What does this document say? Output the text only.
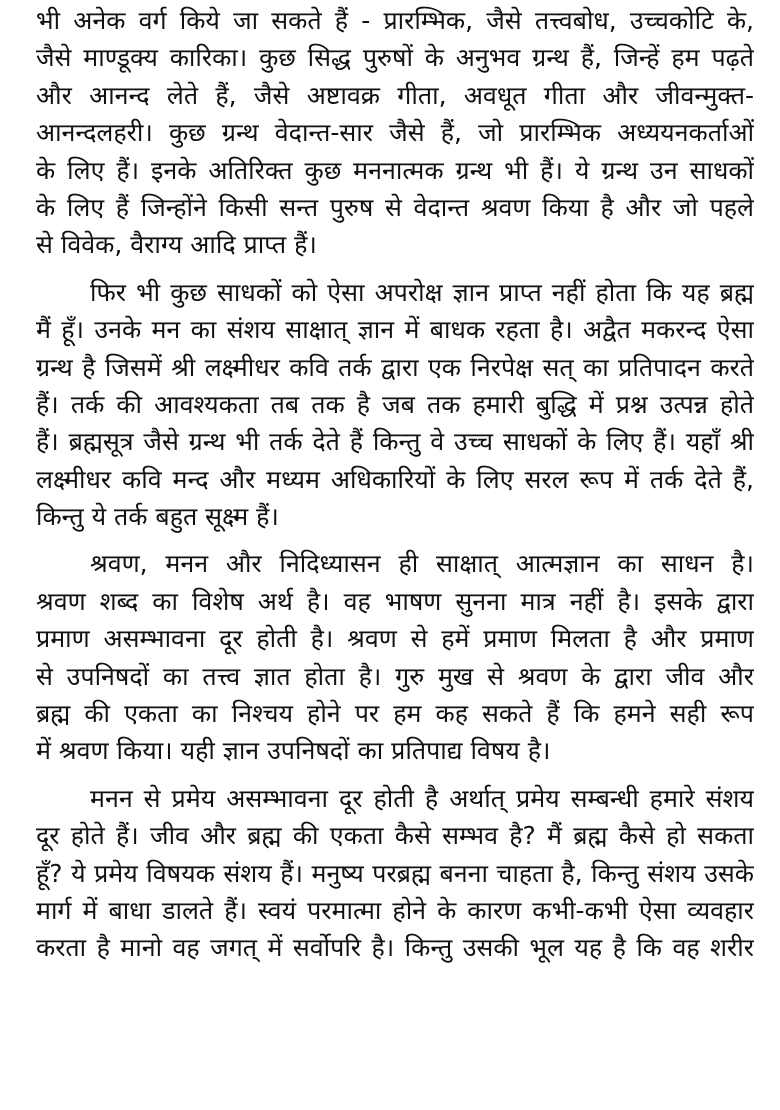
भी अनेक वर्ग किये जा सकते हैं - प्रारम्भिक, जैसे तत्त्वबोध, उच्चकोटि के,
जैसे माण्डूक्य कारिका। कुछ सिद्ध पुरुषों के अनुभव ग्रन्थ हैं, जिन्हें हम पढ़ते
और आनन्द लेते हैं, जैसे अष्टावक्र गीता, अवधूत गीता और जीवन्मुक्त-
आनन्दलहरी। कुछ ग्रन्थ वेदान्त-सार जैसे हैं, जो प्रारम्भिक अध्ययनकर्ताओं
के लिए हैं। इनके अतिरिक्त कुछ मननात्मक ग्रन्थ भी हैं। ये ग्रन्थ उन साधकों
के लिए हैं जिन्होंने किसी सन्त पुरुष से वेदान्त श्रवण किया है और जो पहले
से विवेक, वैराग्य आदि प्राप्त हैं।
फिर भी कुछ साधकों को ऐसा अपरोक्ष ज्ञान प्राप्त नहीं होता कि यह ब्रह्म
मैं हूँ। उनके मन का संशय साक्षात् ज्ञान में बाधक रहता है। अद्वैत मकरन्द ऐसा
ग्रन्थ है जिसमें श्री लक्ष्मीधर कवि तर्क द्वारा एक निरपेक्ष सत् का प्रतिपादन करते
हैं। तर्क की आवश्यकता तब तक है जब तक हमारी बुद्धि में प्रश्न उत्पन्न होते
हैं। ब्रह्मसूत्र जैसे ग्रन्थ भी तर्क देते हैं किन्तु वे उच्च साधकों के लिए हैं। यहाँ श्री
लक्ष्मीधर कवि मन्द और मध्यम अधिकारियों के लिए सरल रूप में तर्क देते हैं,
किन्तु ये तर्क बहुत सूक्ष्म हैं।
श्रवण, मनन और निदिध्यासन ही साक्षात् आत्मज्ञान का साधन है।
श्रवण शब्द का विशेष अर्थ है। वह भाषण सुनना मात्र नहीं है। इसके द्वारा
प्रमाण असम्भावना दूर होती है। श्रवण से हमें प्रमाण मिलता है और प्रमाण
से उपनिषदों का तत्त्व ज्ञात होता है। गुरु मुख से श्रवण के द्वारा जीव और
ब्रह्म की एकता का निश्चय होने पर हम कह सकते हैं कि हमने सही रूप
में श्रवण किया। यही ज्ञान उपनिषदों का प्रतिपाद्य विषय है।
मनन से प्रमेय असम्भावना दूर होती है अर्थात् प्रमेय सम्बन्धी हमारे संशय
दूर होते हैं। जीव और ब्रह्म की एकता कैसे सम्भव है? मैं ब्रह्म कैसे हो सकता
हूँ? ये प्रमेय विषयक संशय हैं। मनुष्य परब्रह्म बनना चाहता है, किन्तु संशय उसके
मार्ग में बाधा डालते हैं। स्वयं परमात्मा होने के कारण कभी-कभी ऐसा व्यवहार
करता है मानो वह जगत् में सर्वोपरि है। किन्तु उसकी भूल यह है कि वह शरीर
